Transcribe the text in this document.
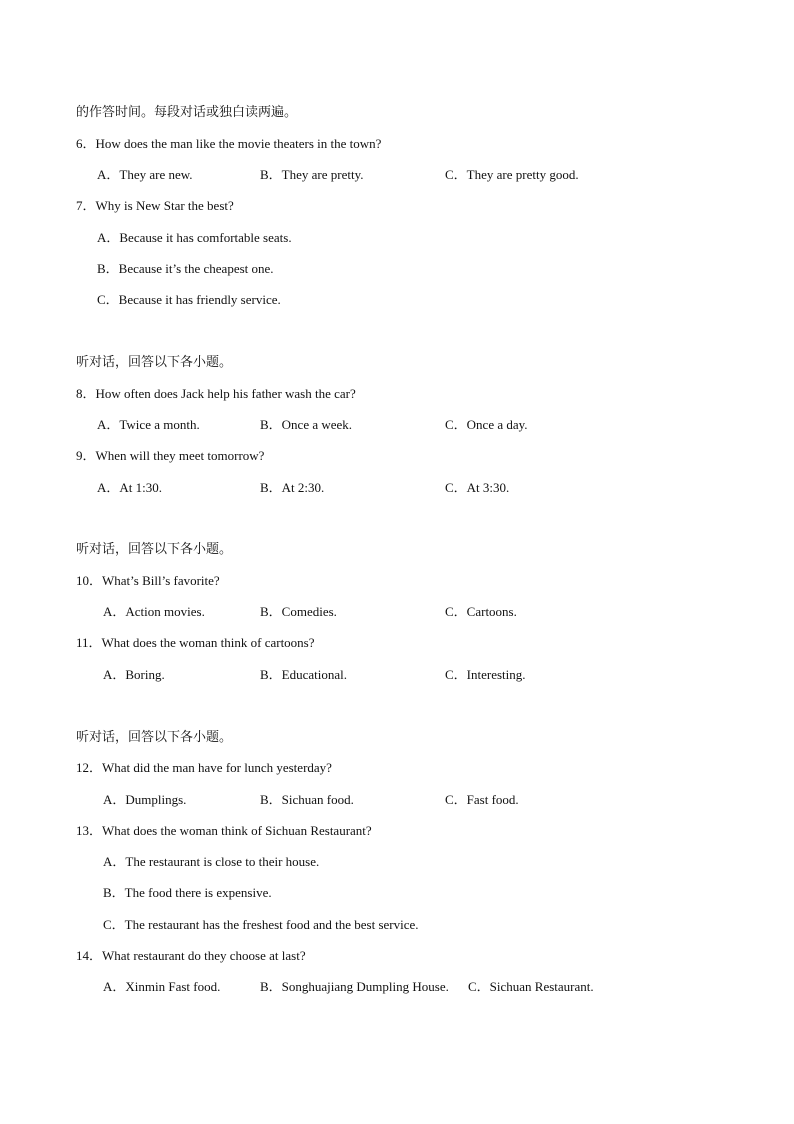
的作答时间。每段对话或独白读两遍。
6．How does the man like the movie theaters in the town?
A．They are new.	B．They are pretty.	C．They are pretty good.
7．Why is New Star the best?
A．Because it has comfortable seats.
B．Because it’s the cheapest one.
C．Because it has friendly service.
听对话，回答以下各小题。
8．How often does Jack help his father wash the car?
A．Twice a month.	B．Once a week.	C．Once a day.
9．When will they meet tomorrow?
A．At 1:30.	B．At 2:30.	C．At 3:30.
听对话，回答以下各小题。
10．What’s Bill’s favorite?
A．Action movies.	B．Comedies.	C．Cartoons.
11．What does the woman think of cartoons?
A．Boring.	B．Educational.	C．Interesting.
听对话，回答以下各小题。
12．What did the man have for lunch yesterday?
A．Dumplings.	B．Sichuan food.	C．Fast food.
13．What does the woman think of Sichuan Restaurant?
A．The restaurant is close to their house.
B．The food there is expensive.
C．The restaurant has the freshest food and the best service.
14．What restaurant do they choose at last?
A．Xinmin Fast food.	B．Songhuajiang Dumpling House. C．Sichuan Restaurant.
